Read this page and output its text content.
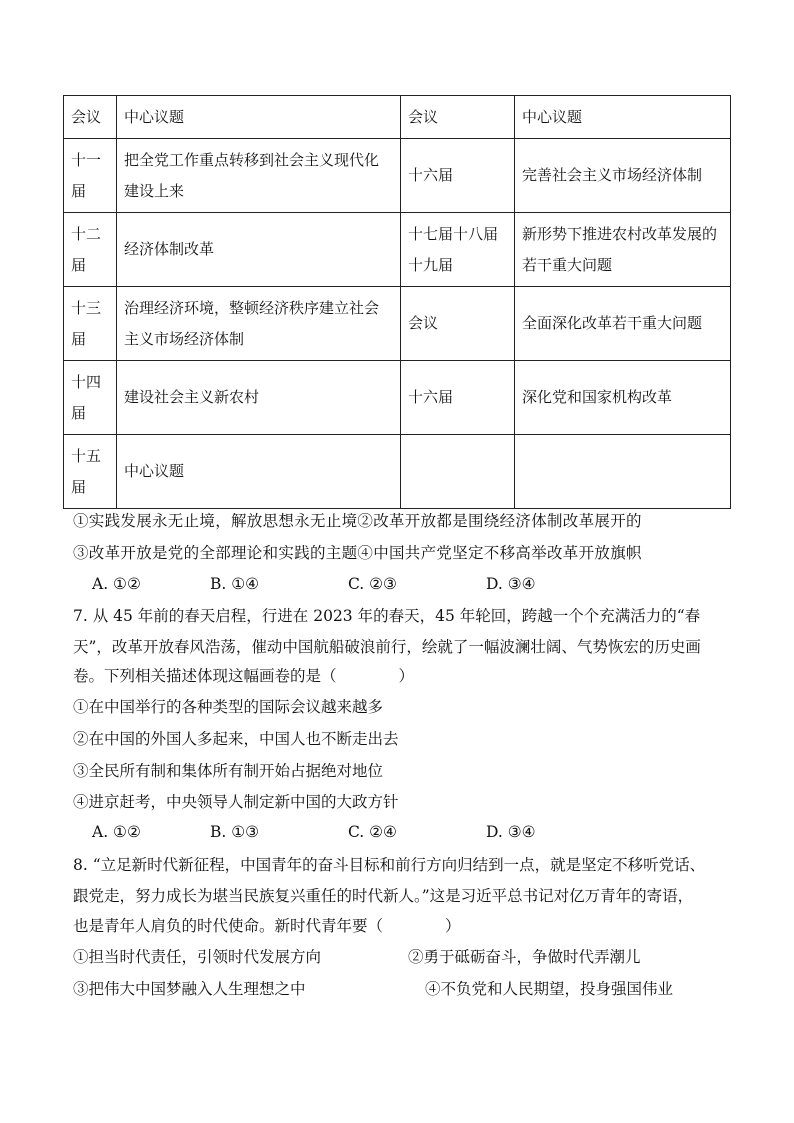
会议	中心议题	会议	中心议题
十一届	把全党工作重点转移到社会主义现代化建设上来	十六届	完善社会主义市场经济体制
十二届	经济体制改革	十七届十八届十九届	新形势下推进农村改革发展的若干重大问题
十三届	治理经济环境，整顿经济秩序建立社会主义市场经济体制	会议	全面深化改革若干重大问题
十四届	建设社会主义新农村	十六届	深化党和国家机构改革
十五届	中心议题		
①实践发展永无止境，解放思想永无止境②改革开放都是围绕经济体制改革展开的
③改革开放是党的全部理论和实践的主题④中国共产党坚定不移高举改革开放旗帜
A. ①②	B. ①④	C. ②③	D. ③④
7. 从 45 年前的春天启程，行进在 2023 年的春天，45 年轮回，跨越一个个充满活力的“春
天”，改革开放春风浩荡，催动中国航船破浪前行，绘就了一幅波澜壮阔、气势恢宏的历史画
卷。下列相关描述体现这幅画卷的是（　　　　）
①在中国举行的各种类型的国际会议越来越多
②在中国的外国人多起来，中国人也不断走出去
③全民所有制和集体所有制开始占据绝对地位
④进京赶考，中央领导人制定新中国的大政方针
A. ①②	B. ①③	C. ②④	D. ③④
8. “立足新时代新征程，中国青年的奋斗目标和前行方向归结到一点，就是坚定不移听党话、
跟党走，努力成长为堪当民族复兴重任的时代新人。”这是习近平总书记对亿万青年的寄语，
也是青年人肩负的时代使命。新时代青年要（　　　　）
①担当时代责任，引领时代发展方向	②勇于砥砺奋斗，争做时代弄潮儿
③把伟大中国梦融入人生理想之中	④不负党和人民期望，投身强国伟业
